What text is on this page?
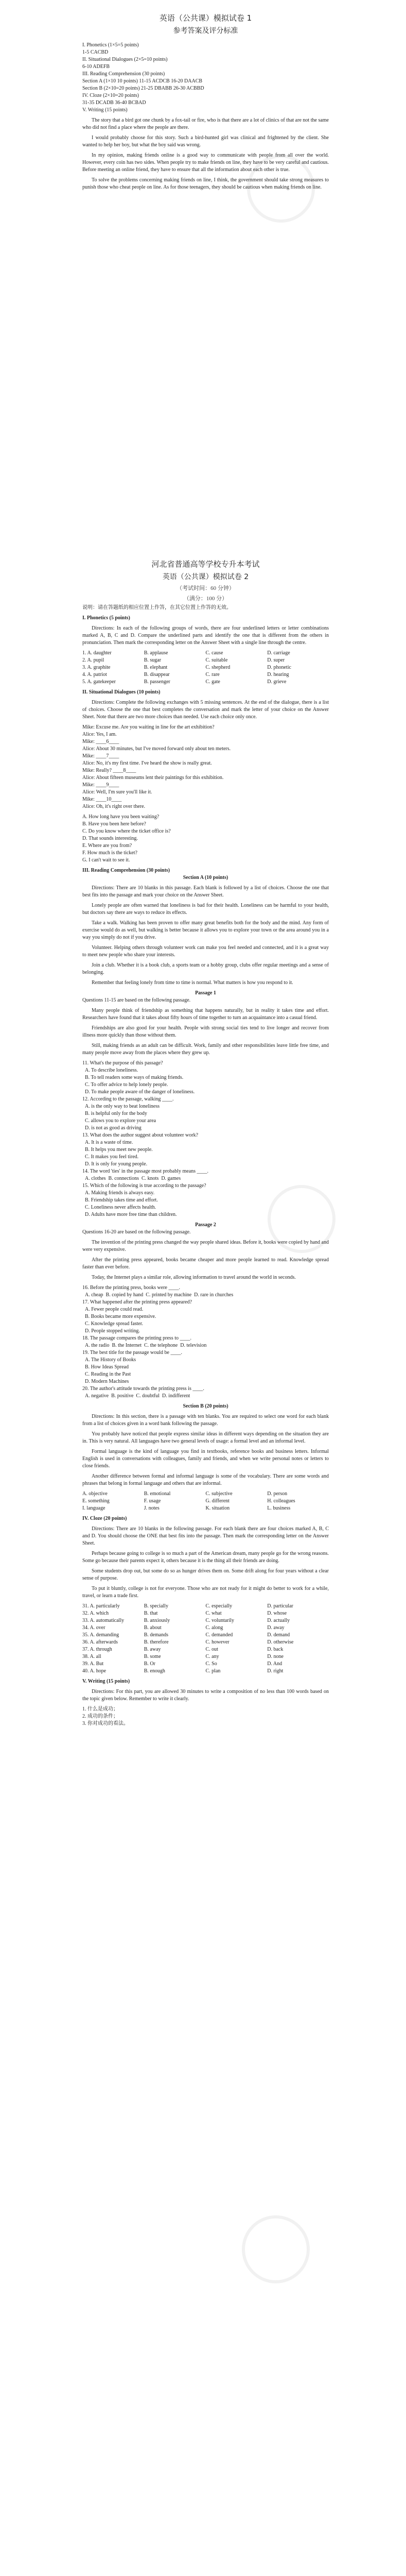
英语（公共课）模拟试卷 1

参考答案及评分标准

I. Phonetics (1×5=5 points)

1-5 CACBD

II. Situational Dialogues (2×5=10 points)

6-10 ADEFB

III. Reading Comprehension (30 points)

Section A (1×10 10 points) 11-15 ACDCB 16-20 DAACB

Section B (2×10=20 points) 21-25 DBABB 26-30 ACBBD

IV. Cloze (2×10=20 points)

31-35 DCADB 36-40 BCBAD

V. Writing (15 points)

The story that a bird got one chunk by a fox-tail or fire, who is that there are a lot of clinics of that are not the same who did not find a place where the people are there.

I would probably choose for this story. Such a bird-hunted girl was clinical and frightened by the client. She wanted to help her boy, but what the boy said was wrong.

In my opinion, making friends online is a good way to communicate with people from all over the world. However, every coin has two sides. When people try to make friends on line, they have to be very careful and cautious. Before meeting an online friend, they have to ensure that all the information about each other is true.

To solve the problems concerning making friends on line, I think, the government should take strong measures to punish those who cheat people on line. As for those teenagers, they should be cautious when making friends on line.

河北省普通高等学校专升本考试

英语（公共课）模拟试卷 2

（考试时间：60 分钟）

（满分：100 分）

说明：请在答题纸的相应位置上作答，在其它位置上作答的无效。

I. Phonetics (5 points)

Directions: In each of the following groups of words, there are four underlined letters or letter combinations marked A, B, C and D. Compare the underlined parts and identify the one that is different from the others in pronunciation. Then mark the corresponding letter on the Answer Sheet with a single line through the centre.

1. A. daughter	B. applause	C. cause	D. carriage
2. A. pupil	B. sugar	C. suitable	D. super
3. A. graphite	B. elephant	C. shepherd	D. phonetic
4. A. patriot	B. disappear	C. rare	D. hearing
5. A. gatekeeper	B. passenger	C. gate	D. grieve

II. Situational Dialogues (10 points)

Directions: Complete the following exchanges with 5 missing sentences. At the end of the dialogue, there is a list of choices. Choose the one that best completes the conversation and mark the letter of your choice on the Answer Sheet. Note that there are two more choices than needed. Use each choice only once.

Mike: Excuse me. Are you waiting in line for the art exhibition?

Alice: Yes, I am.

Mike: ____6____

Alice: About 30 minutes, but I've moved forward only about ten meters.

Mike: ____7____

Alice: No, it's my first time. I've heard the show is really great.

Mike: Really? ____8____

Alice: About fifteen museums lent their paintings for this exhibition.

Mike: ____9____

Alice: Well, I'm sure you'll like it.

Mike: ____10____

Alice: Oh, it's right over there.

A. How long have you been waiting?

B. Have you been here before?

C. Do you know where the ticket office is?

D. That sounds interesting.

E. Where are you from?

F. How much is the ticket?

G. I can't wait to see it.

III. Reading Comprehension (30 points)

Section A (10 points)

Directions: There are 10 blanks in this passage. Each blank is followed by a list of choices. Choose the one that best fits into the passage and mark your choice on the Answer Sheet.

Lonely people are often warned that loneliness is bad for their health. Loneliness can be harmful to your health, but doctors say there are ways to reduce its effects.

Take a walk. Walking has been proven to offer many great benefits both for the body and the mind. Any form of exercise would do as well, but walking is better because it allows you to explore your town or the area around you in a way you simply do not if you drive.

Volunteer. Helping others through volunteer work can make you feel needed and connected, and it is a great way to meet new people who share your interests.

Join a club. Whether it is a book club, a sports team or a hobby group, clubs offer regular meetings and a sense of belonging.

Remember that feeling lonely from time to time is normal. What matters is how you respond to it.

Passage 1

Questions 11-15 are based on the following passage.

Many people think of friendship as something that happens naturally, but in reality it takes time and effort. Researchers have found that it takes about fifty hours of time together to turn an acquaintance into a casual friend.

Friendships are also good for your health. People with strong social ties tend to live longer and recover from illness more quickly than those without them.

Still, making friends as an adult can be difficult. Work, family and other responsibilities leave little free time, and many people move away from the places where they grew up.

11. What's the purpose of this passage?

A. To describe loneliness.

B. To tell readers some ways of making friends.

C. To offer advice to help lonely people.

D. To make people aware of the danger of loneliness.

12. According to the passage, walking ____.

A. is the only way to beat loneliness

B. is helpful only for the body

C. allows you to explore your area

D. is not as good as driving

13. What does the author suggest about volunteer work?

A. It is a waste of time.

B. It helps you meet new people.

C. It makes you feel tired.

D. It is only for young people.

14. The word 'ties' in the passage most probably means ____.

A. clothes  B. connections  C. knots  D. games

15. Which of the following is true according to the passage?

A. Making friends is always easy.

B. Friendship takes time and effort.

C. Loneliness never affects health.

D. Adults have more free time than children.

Passage 2

Questions 16-20 are based on the following passage.

The invention of the printing press changed the way people shared ideas. Before it, books were copied by hand and were very expensive.

After the printing press appeared, books became cheaper and more people learned to read. Knowledge spread faster than ever before.

Today, the Internet plays a similar role, allowing information to travel around the world in seconds.

16. Before the printing press, books were ____.

A. cheap  B. copied by hand  C. printed by machine  D. rare in churches

17. What happened after the printing press appeared?

A. Fewer people could read.

B. Books became more expensive.

C. Knowledge spread faster.

D. People stopped writing.

18. The passage compares the printing press to ____.

A. the radio  B. the Internet  C. the telephone  D. television

19. The best title for the passage would be ____.

A. The History of Books

B. How Ideas Spread

C. Reading in the Past

D. Modern Machines

20. The author's attitude towards the printing press is ____.

A. negative  B. positive  C. doubtful  D. indifferent

Section B (20 points)

Directions: In this section, there is a passage with ten blanks. You are required to select one word for each blank from a list of choices given in a word bank following the passage.

You probably have noticed that people express similar ideas in different ways depending on the situation they are in. This is very natural. All languages have two general levels of usage: a formal level and an informal level.

Formal language is the kind of language you find in textbooks, reference books and business letters. Informal English is used in conversations with colleagues, family and friends, and when we write personal notes or letters to close friends.

Another difference between formal and informal language is some of the vocabulary. There are some words and phrases that belong in formal language and others that are informal.

A. objective	B. emotional	C. subjective	D. person
E. something	F. usage	G. different	H. colleagues
I. language	J. notes	K. situation	L. business

IV. Cloze (20 points)

Directions: There are 10 blanks in the following passage. For each blank there are four choices marked A, B, C and D. You should choose the ONE that best fits into the passage. Then mark the corresponding letter on the Answer Sheet.

Perhaps because going to college is so much a part of the American dream, many people go for the wrong reasons. Some go because their parents expect it, others because it is the thing all their friends are doing.

Some students drop out, but some do so as hunger drives them on. Some drift along for four years without a clear sense of purpose.

To put it bluntly, college is not for everyone. Those who are not ready for it might do better to work for a while, travel, or learn a trade first.

31. A. particularly	B. specially	C. especially	D. particular
32. A. which	B. that	C. what	D. whose
33. A. automatically	B. anxiously	C. voluntarily	D. actually
34. A. over	B. about	C. along	D. away
35. A. demanding	B. demands	C. demanded	D. demand
36. A. afterwards	B. therefore	C. however	D. otherwise
37. A. through	B. away	C. out	D. back
38. A. all	B. some	C. any	D. none
39. A. But	B. Or	C. So	D. And
40. A. hope	B. enough	C. plan	D. right

V. Writing (15 points)

Directions: For this part, you are allowed 30 minutes to write a composition of no less than 100 words based on the topic given below. Remember to write it clearly.

1. 什么是成功；

2. 成功的条件；

3. 你对成功的看法。
